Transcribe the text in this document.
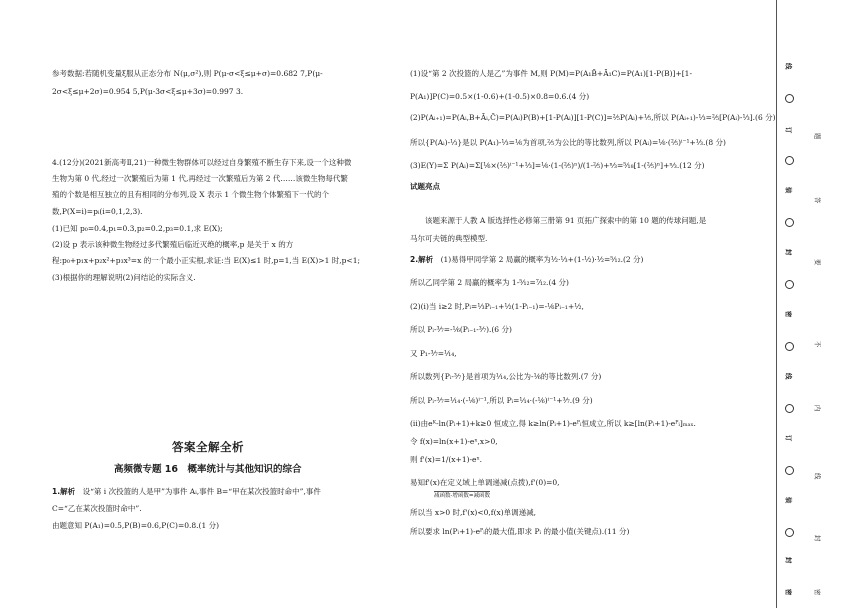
参考数据:若随机变量ξ服从正态分布 N(μ,σ²),则 P(μ-σ<ξ≤μ+σ)=0.682 7,P(μ-
2σ<ξ≤μ+2σ)=0.954 5,P(μ-3σ<ξ≤μ+3σ)=0.997 3.
4.(12分)(2021新高考Ⅱ,21)一种微生物群体可以经过自身繁殖不断生存下来,设一个这种微
生物为第 0 代,经过一次繁殖后为第 1 代,再经过一次繁殖后为第 2 代……该微生物每代繁
殖的个数是相互独立的且有相同的分布列,设 X 表示 1 个微生物个体繁殖下一代的个
数,P(X=i)=pᵢ(i=0,1,2,3).
(1)已知 p₀=0.4,p₁=0.3,p₂=0.2,p₃=0.1,求 E(X);
(2)设 p 表示该种微生物经过多代繁殖后临近灭绝的概率,p 是关于 x 的方
程:p₀+p₁x+p₂x²+p₃x³=x 的一个最小正实根,求证:当 E(X)≤1 时,p=1,当 E(X)>1 时,p<1;
(3)根据你的理解说明(2)问结论的实际含义.
答案全解全析
高频微专题 16　概率统计与其他知识的综合
1.解析　设“第 i 次投篮的人是甲”为事件 Aᵢ,事件 B=“甲在某次投篮时命中”,事件
C=“乙在某次投篮时命中”.
由题意知 P(A₁)=0.5,P(B)=0.6,P(C)=0.8.(1 分)
(1)设“第 2 次投篮的人是乙”为事件 M,则 P(M)=P(A₁B̄+Ā₁C)=P(A₁)[1-P(B)]+[1-
P(A₁)]P(C)=0.5×(1-0.6)+(1-0.5)×0.8=0.6.(4 分)
(2)P(Aᵢ₊₁)=P(Aᵢ,B+Āᵢ,C̄)=P(Aᵢ)P(B)+[1-P(Aᵢ)][1-P(C)]=²⁄₅P(Aᵢ)+¹⁄₅,所以 P(Aᵢ₊₁)-¹⁄₃=²⁄₅[P(Aᵢ)-¹⁄₃].(6 分)
所以{P(Aᵢ)-¹⁄₃}是以 P(A₁)-¹⁄₃=¹⁄₆为首项,²⁄₅为公比的等比数列,所以 P(Aᵢ)=¹⁄₆·(²⁄₅)ⁱ⁻¹+¹⁄₃.(8 分)
(3)E(Y)=Σ P(Aᵢ)=Σ[¹⁄₆×(²⁄₅)ⁱ⁻¹+¹⁄₃]=¹⁄₆·(1-(²⁄₅)ⁿ)/(1-²⁄₅)+ⁿ⁄₃=⁵⁄₁₈[1-(²⁄₅)ⁿ]+ⁿ⁄₃.(12 分)
试题亮点
　　该题来源于人教 A 版选择性必修第三册第 91 页拓广探索中的第 10 题的传球问题,是
马尔可夫链的典型模型.
2.解析　(1)易得甲同学第 2 局赢的概率为¹⁄₂·¹⁄₃+(1-¹⁄₂)·¹⁄₂=⁵⁄₁₂.(2 分)
所以乙同学第 2 局赢的概率为 1-⁵⁄₁₂=⁷⁄₁₂.(4 分)
(2)(i)当 i≥2 时,Pᵢ=¹⁄₃Pᵢ₋₁+¹⁄₂(1-Pᵢ₋₁)=-¹⁄₆Pᵢ₋₁+¹⁄₂,
所以 Pᵢ-³⁄₇=-¹⁄₆(Pᵢ₋₁-³⁄₇).(6 分)
又 P₁-³⁄₇=¹⁄₁₄,
所以数列{Pᵢ-³⁄₇}是首项为¹⁄₁₄,公比为-¹⁄₆的等比数列.(7 分)
所以 Pᵢ-³⁄₇=¹⁄₁₄·(-¹⁄₆)ⁱ⁻¹,所以 Pᵢ=¹⁄₁₄·(-¹⁄₆)ⁱ⁻¹+³⁄₇.(9 分)
(ii)由eᴷ-ln(Pᵢ+1)+k≥0 恒成立,得 k≥ln(Pᵢ+1)-eᴾᵢ恒成立,所以 k≥[ln(Pᵢ+1)-eᴾᵢ]ₘₐₓ.
令 f(x)=ln(x+1)-eˣ,x>0,
则 f'(x)=1/(x+1)-eˣ.
易知f'(x)在定义域上单调递减(点拨),f'(0)=0,
减函数-增函数=减函数
所以当 x>0 时,f'(x)<0,f(x)单调递减,
所以要求 ln(Pᵢ+1)-eᴾᵢ的最大值,即求 Pᵢ 的最小值(关键点).(11 分)
线
订
装
封
密
线
订
装
封
密
题
答
要
不
内
线
封
密
